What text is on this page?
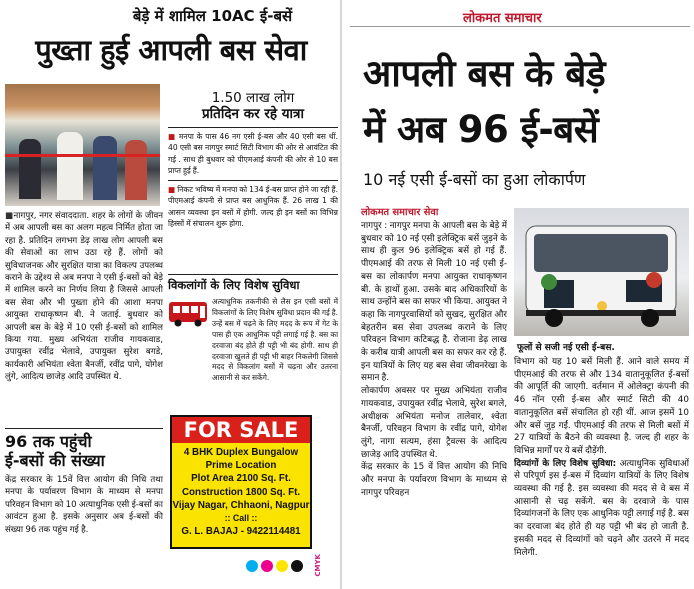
बेड़े में शामिल 10AC ई-बसें
पुख्ता हुई आपली बस सेवा
1.50 लाख लोग
प्रतिदिन कर रहे यात्रा

■ मनपा के पास 46 नग एसी ई-बस और 40 एसी बस थीं. 40 एसी बस नागपुर स्मार्ट सिटी विभाग की ओर से आवंटित की गई . साथ ही बुधवार को पीएमआई कंपनी की ओर से 10 बस प्राप्त हुई हैं.

■ निकट भविष्य में मनपा को 134 ई-बस प्राप्त होने जा रही हैं. पीएमआई कंपनी से प्राप्त बस आधुनिक हैं. 26 लाख 1 की आसन व्यवस्था इन बसों में होगी. जल्द ही इन बसों का विभिन्न हिस्सों में संचालन शुरू होगा.

■नागपुर, नगर संवाददाता. शहर के लोगों के जीवन में अब आपली बस का अलग महत्व निर्मित होता जा रहा है. प्रतिदिन लगभग डेढ़ लाख लोग आपली बस की सेवाओं का लाभ उठा रहे हैं. लोगों को सुविधाजनक और सुरक्षित यात्रा का विकल्प उपलब्ध कराने के उद्देश्य से अब मनपा ने एसी ई-बसों को बेड़े में शामिल करने का निर्णय लिया है जिससे आपली बस सेवा और भी पुख्ता होने की आशा मनपा आयुक्त राधाकृष्णन बी. ने जताई. बुधवार को आपली बस के बेड़े में 10 एसी ई-बसों को शामिल किया गया. मुख्य अभियंता राजीव गायकवाड, उपायुक्त रवींद्र भेलावे, उपायुक्त सुरेश बगडे, कार्यकारी अभियंता श्वेता बैनर्जी, रवींद्र पागे, योगेश लुंगे, आदित्य छाजेड़ आदि उपस्थित थे.

विकलांगों के लिए विशेष सुविधा

अत्याधुनिक तकनीकी से लैस इन एसी बसों में विकलांगों के लिए विशेष सुविधा प्रदान की गई है. उन्हें बस में चढ़ने के लिए मदद के रूप में गेट के पास ही एक आधुनिक पट्टी लगाई गई है. बस का दरवाजा बंद होते ही पट्टी भी बंद होगी. साथ ही दरवाजा खुलते ही पट्टी भी बाहर निकलेगी जिससे मदद से विकलांग बसों में चढ़ना और उतरना आसानी से कर सकेंगे.

96 तक पहुंची
ई-बसों की संख्या

केंद्र सरकार के 15वें वित्त आयोग की निधि तथा मनपा के पर्यावरण विभाग के माध्यम से मनपा परिवहन विभाग को 10 अत्याधुनिक एसी ई-बसों का आवंटन हुआ है. इसके अनुसार अब ई-बसों की संख्या 96 तक पहुंच गई है.

FOR SALE
4 BHK Duplex Bungalow
Prime Location
Plot Area 2100 Sq. Ft.
Construction 1800 Sq. Ft.
Vijay Nagar, Chhaoni, Nagpur
:: Call ::
G. L. BAJAJ - 9422114481
CMYK
लोकमत समाचार
आपली बस के बेड़े
में अब 96 ई-बसें
10 नई एसी ई-बसों का हुआ लोकार्पण
लोकमत समाचार सेवा
फूलों से सजी नई एसी ई-बस.

नागपुर : नागपुर मनपा के आपली बस के बेड़े में बुधवार को 10 नई एसी इलेक्ट्रिक बसें जुड़ने के साथ ही कुल 96 इलेक्ट्रिक बसें हो गई हैं. पीएमआई की तरफ से मिली 10 नई एसी ई-बस का लोकार्पण मनपा आयुक्त राधाकृष्णन बी. के हाथों हुआ. उसके बाद अधिकारियों के साथ उन्होंने बस का सफर भी किया. आयुक्त ने कहा कि नागपुरवासियों को सुखद, सुरक्षित और बेहतरीन बस सेवा उपलब्ध कराने के लिए परिवहन विभाग कटिबद्ध है. रोजाना डेढ़ लाख के करीब यात्री आपली बस का सफर कर रहे हैं. इन यात्रियों के लिए यह बस सेवा जीवनरेखा के समान है.
लोकार्पण अवसर पर मुख्य अभियंता राजीव गायकवाड, उपायुक्त रवींद्र भेलावे, सुरेश बगले, अधीक्षक अभियंता मनोज तालेवार, श्वेता बैनर्जी, परिवहन विभाग के रवींद्र पागे, योगेश लुंगे, नागा सत्यम, हंसा ट्रैवल्स के आदित्य छाजेड़ आदि उपस्थित थे.
केंद्र सरकार के 15 वें वित्त आयोग की निधि और मनपा के पर्यावरण विभाग के माध्यम से नागपुर परिवहन

विभाग को यह 10 बसें मिली हैं. आने वाले समय में पीएमआई की तरफ से और 134 वातानुकूलित ई-बसों की आपूर्ति की जाएगी. वर्तमान में ओलेक्ट्रा कंपनी की 46 नॉन एसी ई-बस और स्मार्ट सिटी की 40 वातानुकूलित बसें संचालित हो रही थीं. आज इसमें 10 और बसें जुड़ गईं. पीएमआई की तरफ से मिली बसों में 27 यात्रियों के बैठने की व्यवस्था है. जल्द ही शहर के विभिन्न मार्गों पर ये बसें दौड़ेंगी.
दिव्यांगों के लिए विशेष सुविधा: अत्याधुनिक सुविधाओं से परिपूर्ण इस ई-बस में दिव्यांग यात्रियों के लिए विशेष व्यवस्था की गई है. इस व्यवस्था की मदद से वे बस में आसानी से चढ़ सकेंगे. बस के दरवाजे के पास दिव्यांगजनों के लिए एक आधुनिक पट्टी लगाई गई है. बस का दरवाजा बंद होते ही यह पट्टी भी बंद हो जाती है. इसकी मदद से दिव्यांगों को चढ़ने और उतरने में मदद मिलेगी.
